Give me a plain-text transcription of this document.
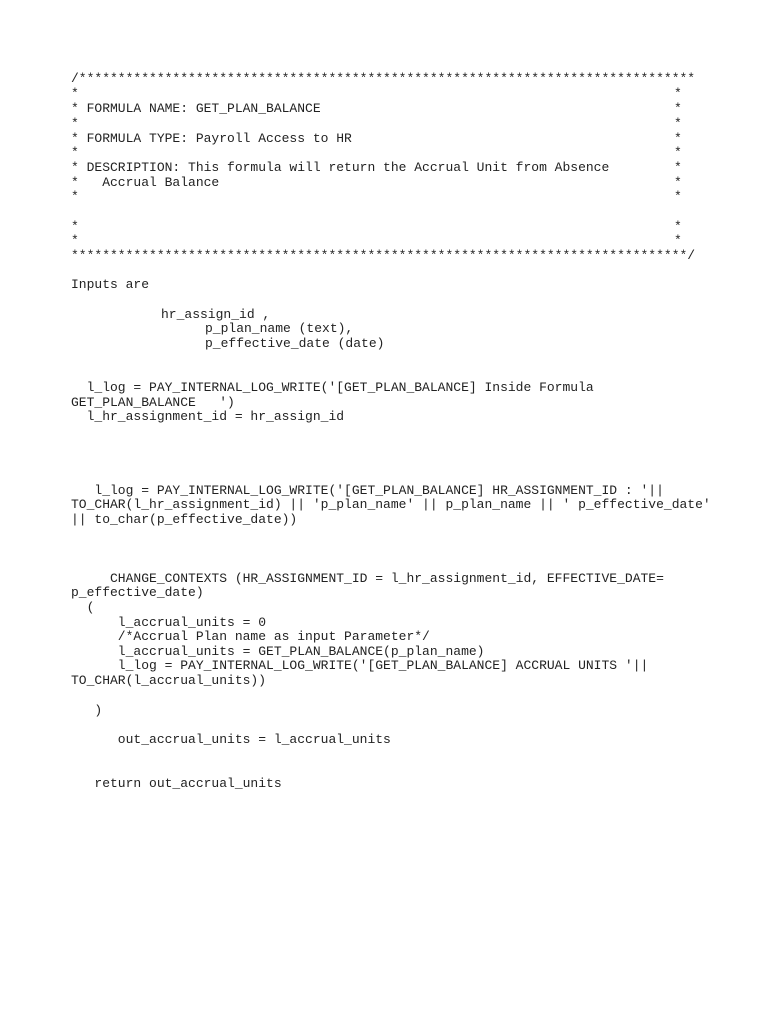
/*******************************************************************************
*	*
* FORMULA NAME: GET_PLAN_BALANCE	*
*	*
* FORMULA TYPE: Payroll Access to HR	*
*	*
* DESCRIPTION: This formula will return the Accrual Unit from Absence	*
*   Accrual Balance	*
*	*
*	*
*	*
*******************************************************************************/
Inputs are
hr_assign_id ,
p_plan_name (text),
p_effective_date (date)
l_log = PAY_INTERNAL_LOG_WRITE('[GET_PLAN_BALANCE] Inside Formula
GET_PLAN_BALANCE   ')
l_hr_assignment_id = hr_assign_id
l_log = PAY_INTERNAL_LOG_WRITE('[GET_PLAN_BALANCE] HR_ASSIGNMENT_ID : '||
TO_CHAR(l_hr_assignment_id) || 'p_plan_name' || p_plan_name || ' p_effective_date'
|| to_char(p_effective_date))
CHANGE_CONTEXTS (HR_ASSIGNMENT_ID = l_hr_assignment_id, EFFECTIVE_DATE=
p_effective_date)
(
l_accrual_units = 0
/*Accrual Plan name as input Parameter*/
l_accrual_units = GET_PLAN_BALANCE(p_plan_name)
l_log = PAY_INTERNAL_LOG_WRITE('[GET_PLAN_BALANCE] ACCRUAL UNITS '||
TO_CHAR(l_accrual_units))
)
out_accrual_units = l_accrual_units
return out_accrual_units
